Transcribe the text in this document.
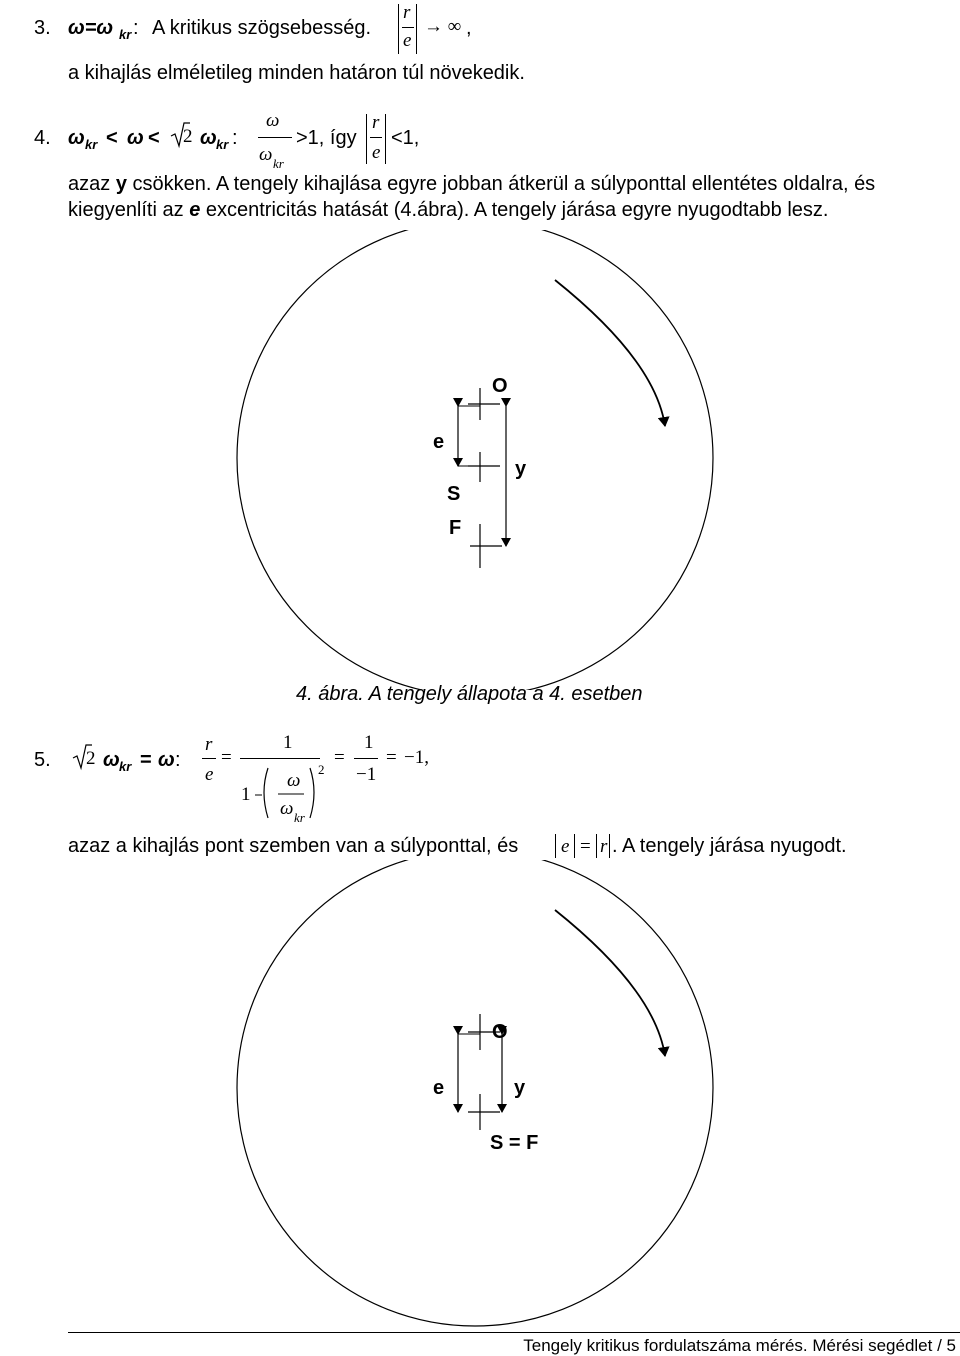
3. ω=ω kr : A kritikus szögsebesség.
r
e
→ ∞ ,
a kihajlás elméletileg minden határon túl növekedik.
4. ω kr < ω < 2 ω kr :
ω
ω kr
>1, így
r
e
<1,
azaz y csökken. A tengely kihajlása egyre jobban átkerül a súlyponttal ellentétes oldalra, és
kiegyenlíti az e excentricitás hatását (4.ábra). A tengely járása egyre nyugodtabb lesz.
O
e
S
F
y
4. ábra. A tengely állapota a 4. esetben
5. 2 ω kr = ω :
r
e
=
1
1
ω
ω kr
2
=
1
−1
= −1,
azaz a kihajlás pont szemben van a súlyponttal, és e = r . A tengely járása nyugodt.
O
e	y
S = F
Tengely kritikus fordulatszáma mérés. Mérési segédlet / 5
